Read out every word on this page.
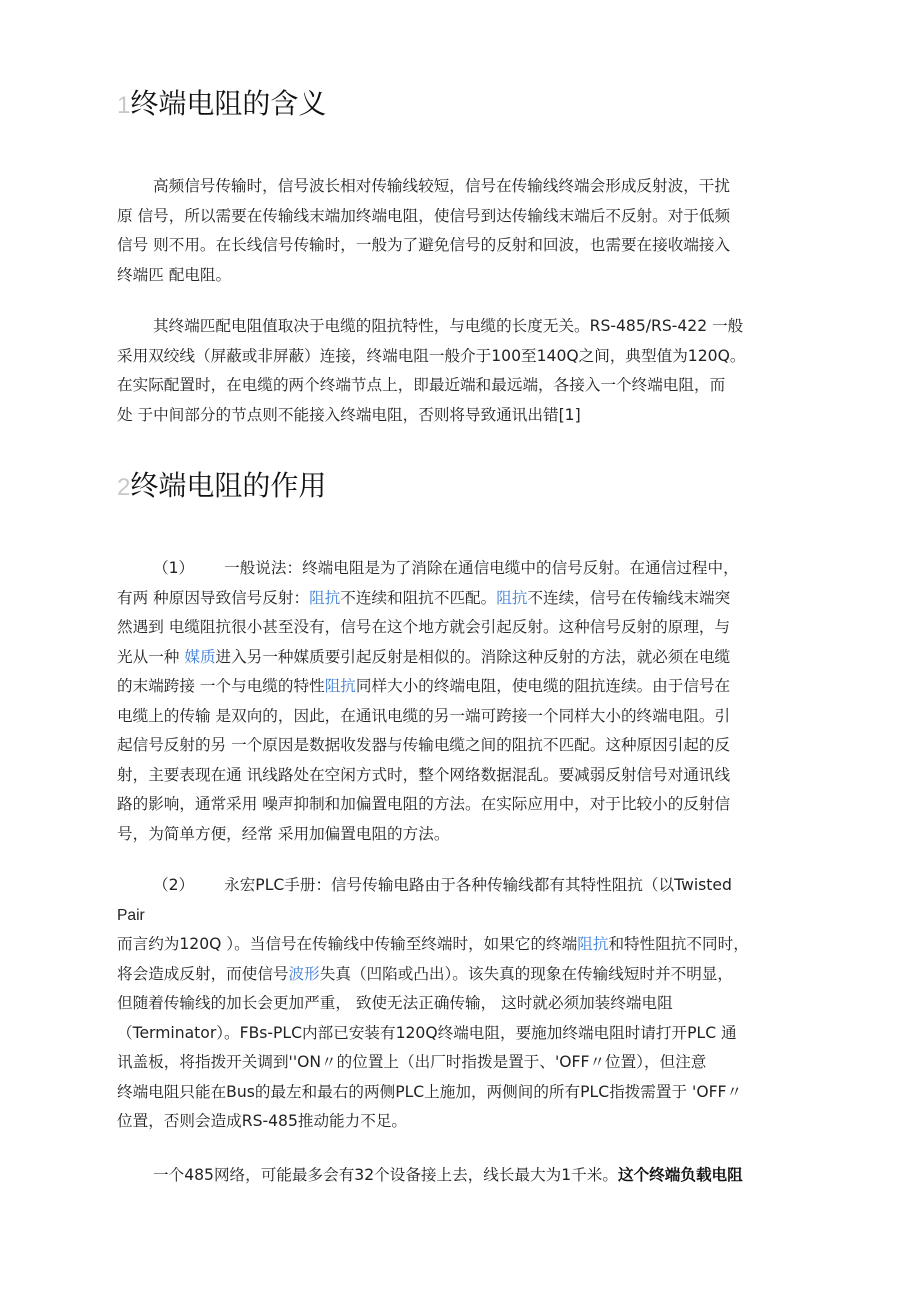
1终端电阻的含义

高频信号传输时，信号波长相对传输线较短，信号在传输线终端会形成反射波，干扰
原 信号，所以需要在传输线末端加终端电阻，使信号到达传输线末端后不反射。对于低频
信号 则不用。在长线信号传输时，一般为了避免信号的反射和回波，也需要在接收端接入
终端匹 配电阻。

其终端匹配电阻值取决于电缆的阻抗特性，与电缆的长度无关。RS-485/RS-422 一般
采用双绞线（屏蔽或非屏蔽）连接，终端电阻一般介于100至140Q之间，典型值为120Q。
在实际配置时，在电缆的两个终端节点上，即最近端和最远端，各接入一个终端电阻，而
处 于中间部分的节点则不能接入终端电阻，否则将导致通讯出错[1]

2终端电阻的作用

（1） 一般说法：终端电阻是为了消除在通信电缆中的信号反射。在通信过程中，
有两 种原因导致信号反射：阻抗不连续和阻抗不匹配。阻抗不连续，信号在传输线末端突
然遇到 电缆阻抗很小甚至没有，信号在这个地方就会引起反射。这种信号反射的原理，与
光从一种 媒质进入另一种媒质要引起反射是相似的。消除这种反射的方法，就必须在电缆
的末端跨接 一个与电缆的特性阻抗同样大小的终端电阻，使电缆的阻抗连续。由于信号在
电缆上的传输 是双向的，因此，在通讯电缆的另一端可跨接一个同样大小的终端电阻。引
起信号反射的另 一个原因是数据收发器与传输电缆之间的阻抗不匹配。这种原因引起的反
射，主要表现在通 讯线路处在空闲方式时，整个网络数据混乱。要减弱反射信号对通讯线
路的影响，通常采用 噪声抑制和加偏置电阻的方法。在实际应用中，对于比较小的反射信
号，为简单方便，经常 采用加偏置电阻的方法。

（2） 永宏PLC手册：信号传输电路由于各种传输线都有其特性阻抗（以Twisted
Pair
而言约为120Q ）。当信号在传输线中传输至终端时，如果它的终端阻抗和特性阻抗不同时，
将会造成反射，而使信号波形失真（凹陷或凸出）。该失真的现象在传输线短时并不明显，
但随着传输线的加长会更加严重， 致使无法正确传输， 这时就必须加装终端电阻
（Terminator）。FBs-PLC内部已安装有120Q终端电阻，要施加终端电阻时请打开PLC 通
讯盖板，将指拨开关调到''ON〃的位置上（出厂时指拨是置于、'OFF〃位置），但注意
终端电阻只能在Bus的最左和最右的两侧PLC上施加，两侧间的所有PLC指拨需置于 'OFF〃
位置，否则会造成RS-485推动能力不足。

一个485网络，可能最多会有32个设备接上去，线长最大为1千米。这个终端负载电阻
